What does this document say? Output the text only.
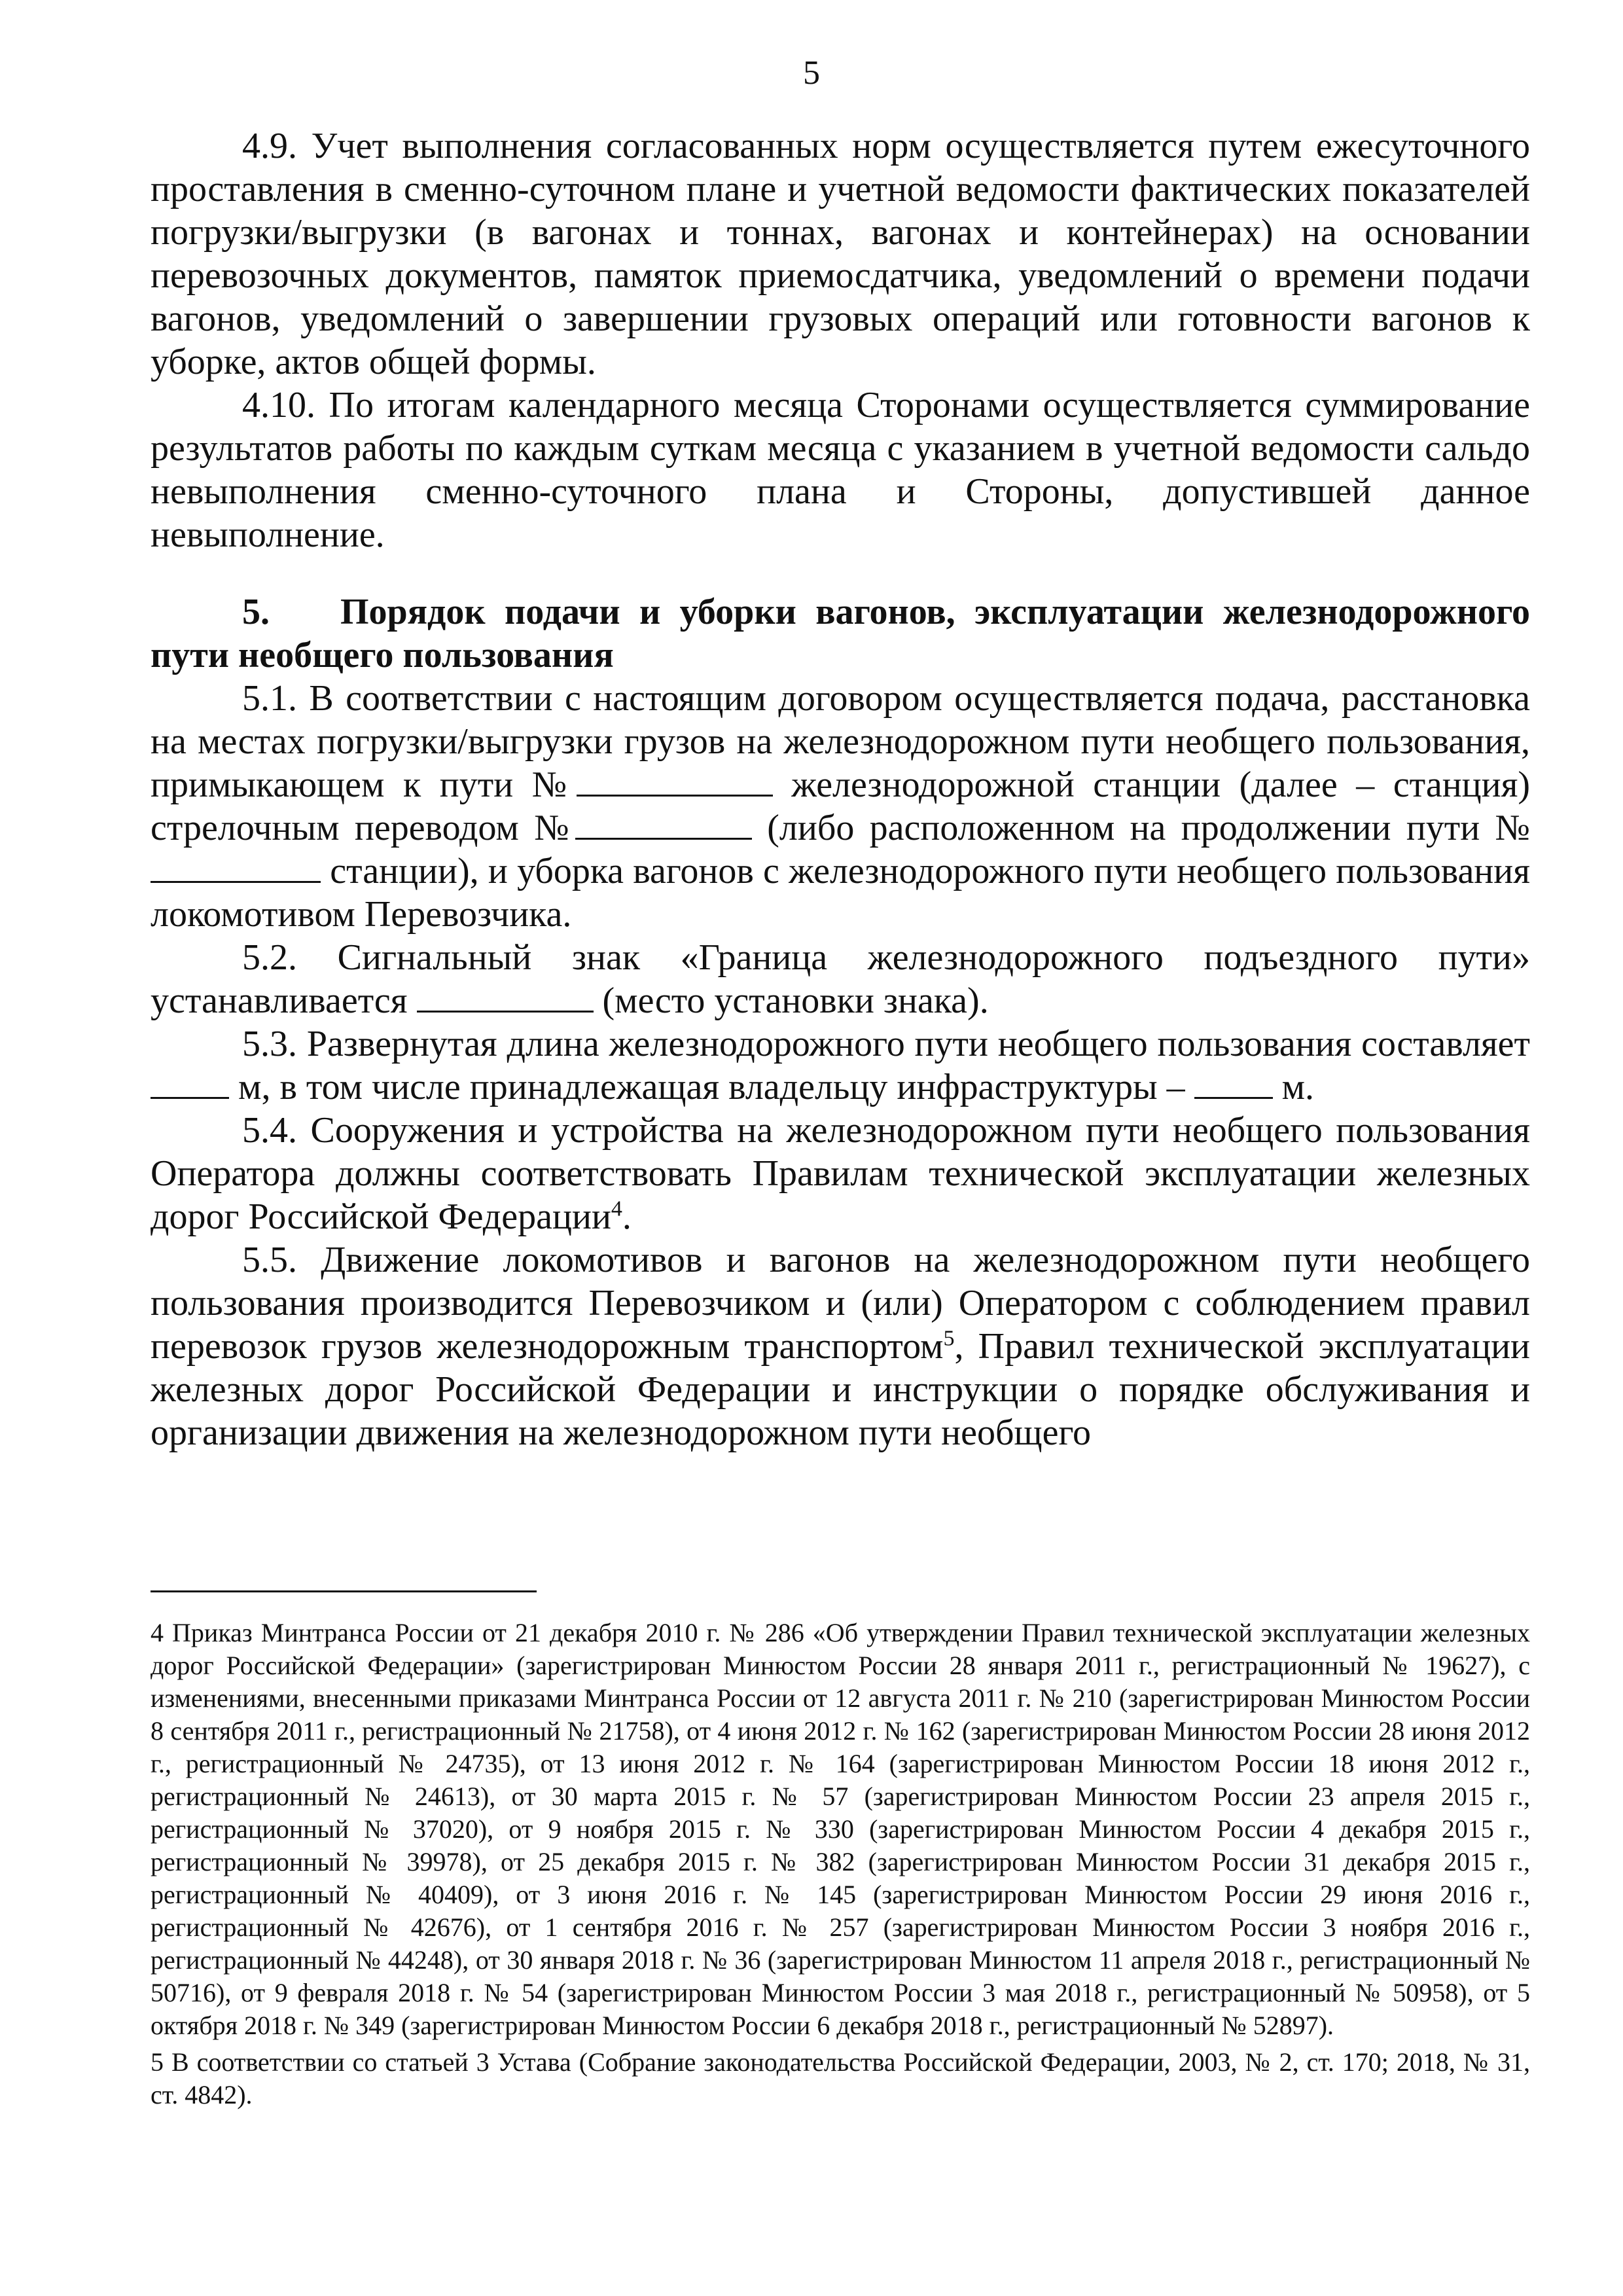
5

4.9. Учет выполнения согласованных норм осуществляется путем ежесуточного проставления в сменно-суточном плане и учетной ведомости фактических показателей погрузки/выгрузки (в вагонах и тоннах, вагонах и контейнерах) на основании перевозочных документов, памяток приемосдатчика, уведомлений о времени подачи вагонов, уведомлений о завершении грузовых операций или готовности вагонов к уборке, актов общей формы.

4.10. По итогам календарного месяца Сторонами осуществляется суммирование результатов работы по каждым суткам месяца с указанием в учетной ведомости сальдо невыполнения сменно-суточного плана и Стороны, допустившей данное невыполнение.

5. Порядок подачи и уборки вагонов, эксплуатации железнодорожного пути необщего пользования

5.1. В соответствии с настоящим договором осуществляется подача, расстановка на местах погрузки/выгрузки грузов на железнодорожном пути необщего пользования, примыкающем к пути №	железнодорожной станции (далее – станция) стрелочным переводом №	(либо расположенном на продолжении пути № станции), и уборка вагонов с железнодорожного пути необщего пользования локомотивом Перевозчика.

5.2. Сигнальный знак «Граница железнодорожного подъездного пути» устанавливается	(место установки знака).

5.3. Развернутая длина железнодорожного пути необщего пользования составляет  м, в том числе принадлежащая владельцу инфраструктуры –  м.

5.4. Сооружения и устройства на железнодорожном пути необщего пользования Оператора должны соответствовать Правилам технической эксплуатации железных дорог Российской Федерации$^4$.

5.5. Движение локомотивов и вагонов на железнодорожном пути необщего пользования производится Перевозчиком и (или) Оператором с соблюдением правил перевозок грузов железнодорожным транспортом$^5$, Правил технической эксплуатации железных дорог Российской Федерации и инструкции о порядке обслуживания и организации движения на железнодорожном пути необщего

4 Приказ Минтранса России от 21 декабря 2010 г. № 286 «Об утверждении Правил технической эксплуатации железных дорог Российской Федерации» (зарегистрирован Минюстом России 28 января 2011 г., регистрационный № 19627), с изменениями, внесенными приказами Минтранса России от 12 августа 2011 г. № 210 (зарегистрирован Минюстом России 8 сентября 2011 г., регистрационный № 21758), от 4 июня 2012 г. № 162 (зарегистрирован Минюстом России 28 июня 2012 г., регистрационный № 24735), от 13 июня 2012 г. № 164 (зарегистрирован Минюстом России 18 июня 2012 г., регистрационный № 24613), от 30 марта 2015 г. № 57 (зарегистрирован Минюстом России 23 апреля 2015 г., регистрационный № 37020), от 9 ноября 2015 г. № 330 (зарегистрирован Минюстом России 4 декабря 2015 г., регистрационный № 39978), от 25 декабря 2015 г. № 382 (зарегистрирован Минюстом России 31 декабря 2015 г., регистрационный № 40409), от 3 июня 2016 г. № 145 (зарегистрирован Минюстом России 29 июня 2016 г., регистрационный № 42676), от 1 сентября 2016 г. № 257 (зарегистрирован Минюстом России 3 ноября 2016 г., регистрационный № 44248), от 30 января 2018 г. № 36 (зарегистрирован Минюстом 11 апреля 2018 г., регистрационный № 50716), от 9 февраля 2018 г. № 54 (зарегистрирован Минюстом России 3 мая 2018 г., регистрационный № 50958), от 5 октября 2018 г. № 349 (зарегистрирован Минюстом России 6 декабря 2018 г., регистрационный № 52897).

5 В соответствии со статьей 3 Устава (Собрание законодательства Российской Федерации, 2003, № 2, ст. 170; 2018, № 31, ст. 4842).
